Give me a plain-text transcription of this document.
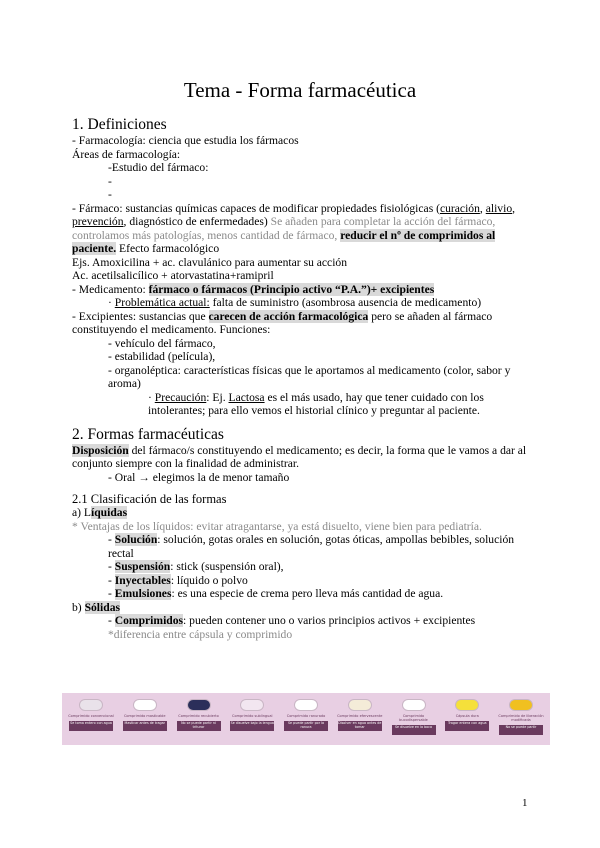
Tema - Forma farmacéutica
1. Definiciones

- Farmacología: ciencia que estudia los fármacos

Áreas de farmacología:

-Estudio del fármaco:

-

-

- Fármaco: sustancias químicas capaces de modificar propiedades fisiológicas (curación, alivio, prevención, diagnóstico de enfermedades) Se añaden para completar la acción del fármaco, controlamos más patologías, menos cantidad de fármaco, reducir el nº de comprimidos al paciente. Efecto farmacológico

Ejs. Amoxicilina + ac. clavulánico para aumentar su acción

Ac. acetilsalicílico + atorvastatina+ramipril

- Medicamento: fármaco o fármacos (Principio activo “P.A.”)+ excipientes

· Problemática actual: falta de suministro (asombrosa ausencia de medicamento)

- Excipientes: sustancias que carecen de acción farmacológica pero se añaden al fármaco constituyendo el medicamento. Funciones:

- vehículo del fármaco,

- estabilidad (película),

- organoléptica: características físicas que le aportamos al medicamento (color, sabor y aroma)

· Precaución: Ej. Lactosa es el más usado, hay que tener cuidado con los intolerantes; para ello vemos el historial clínico y preguntar al paciente.

2. Formas farmacéuticas

Disposición del fármaco/s constituyendo el medicamento; es decir, la forma que le vamos a dar al conjunto siempre con la finalidad de administrar.

- Oral → elegimos la de menor tamaño

2.1 Clasificación de las formas

a) Líquidas

* Ventajas de los líquidos: evitar atragantarse, ya está disuelto, viene bien para pediatría.

- Solución: solución, gotas orales en solución, gotas óticas, ampollas bebibles, solución rectal

- Suspensión: stick (suspensión oral),

- Inyectables: líquido o polvo

- Emulsiones: es una especie de crema pero lleva más cantidad de agua.

b) Sólidas

- Comprimidos: pueden contener uno o varios principios activos + excipientes

*diferencia entre cápsula y comprimido

Comprimido convencional
Se toma entero con agua
Comprimido masticable
Masticar antes de tragar
Comprimido recubierto
No se puede partir ni triturar
Comprimido sublingual
Se disuelve bajo la lengua
Comprimido ranurado
Se puede partir por la ranura
Comprimido efervescente
Disolver en agua antes de tomar
Comprimido bucodispersable
Se disuelve en la boca
Cápsula dura
Tragar entera con agua
Comprimido de liberación modificada
No se puede partir
1
